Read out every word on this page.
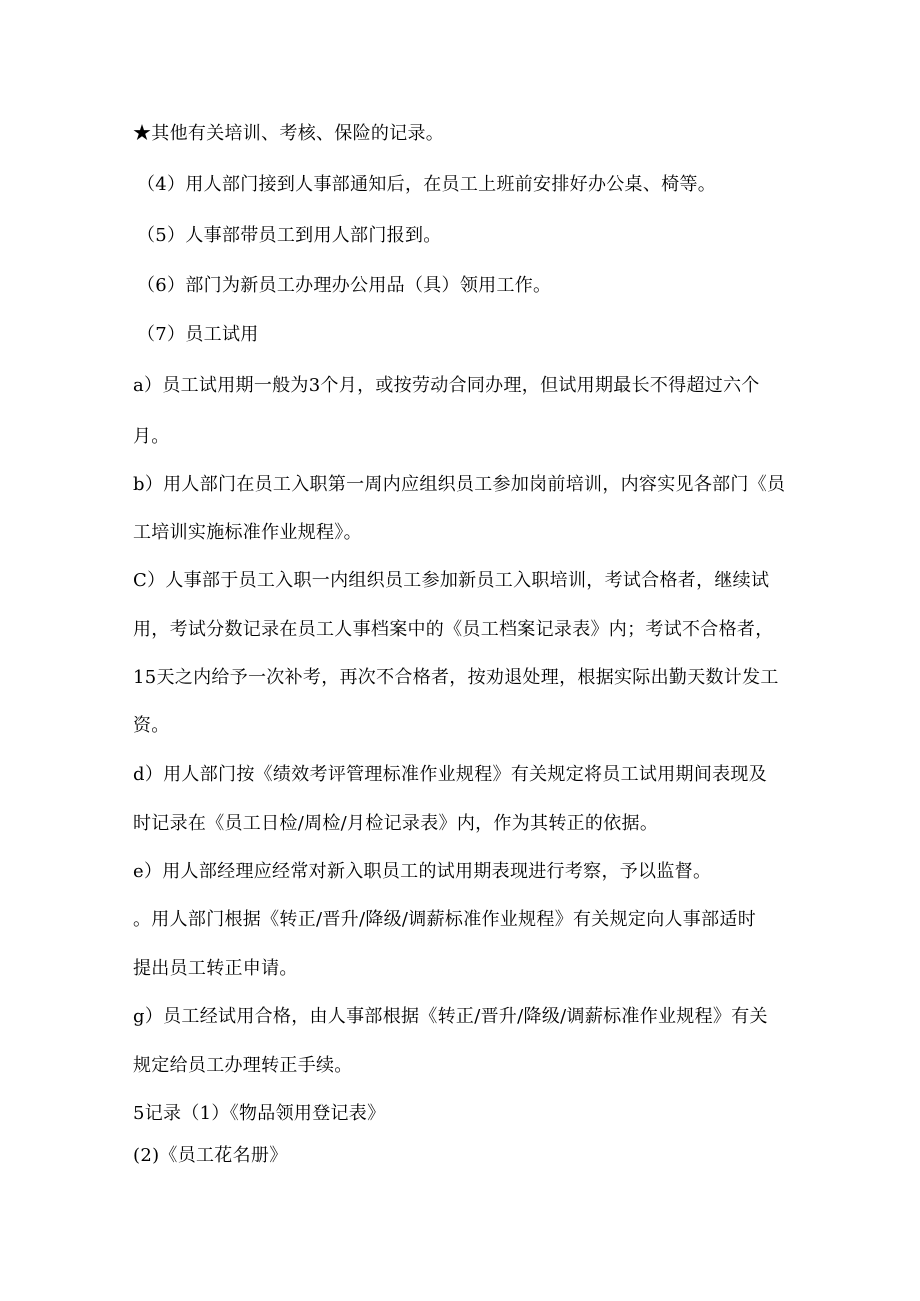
★其他有关培训、考核、保险的记录。
（4）用人部门接到人事部通知后，在员工上班前安排好办公桌、椅等。
（5）人事部带员工到用人部门报到。
（6）部门为新员工办理办公用品（具）领用工作。
（7）员工试用
a）员工试用期一般为3个月，或按劳动合同办理，但试用期最长不得超过六个
月。
b）用人部门在员工入职第一周内应组织员工参加岗前培训，内容实见各部门《员
工培训实施标准作业规程》。
C）人事部于员工入职一内组织员工参加新员工入职培训，考试合格者，继续试
用，考试分数记录在员工人事档案中的《员工档案记录表》内；考试不合格者，
15天之内给予一次补考，再次不合格者，按劝退处理，根据实际出勤天数计发工
资。
d）用人部门按《绩效考评管理标准作业规程》有关规定将员工试用期间表现及
时记录在《员工日检/周检/月检记录表》内，作为其转正的依据。
e）用人部经理应经常对新入职员工的试用期表现进行考察，予以监督。
。用人部门根据《转正/晋升/降级/调薪标准作业规程》有关规定向人事部适时
提出员工转正申请。
g）员工经试用合格，由人事部根据《转正/晋升/降级/调薪标准作业规程》有关
规定给员工办理转正手续。
5记录（1）《物品领用登记表》
(2)《员工花名册》
